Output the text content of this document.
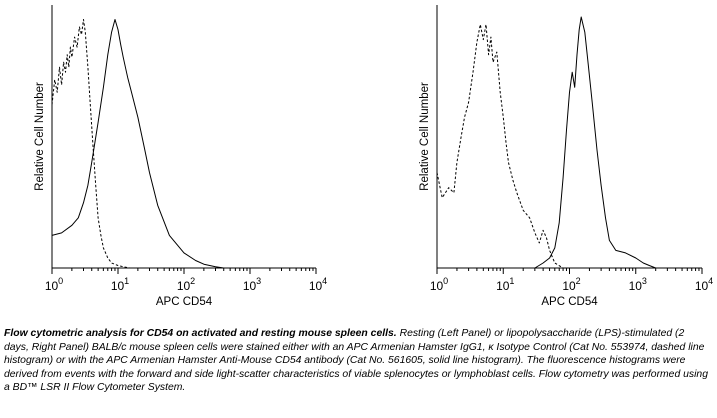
$10^0$	$10^1$	$10^2$	$10^3$	$10^4$
APC CD54
Relative Cell Number
$10^0$	$10^1$	$10^2$	$10^3$	$10^4$
APC CD54
Relative Cell Number
Flow cytometric analysis for CD54 on activated and resting mouse spleen cells. Resting (Left Panel) or lipopolysaccharide (LPS)-stimulated (2 days, Right Panel) BALB/c mouse spleen cells were stained either with an APC Armenian Hamster IgG1, κ Isotype Control (Cat No. 553974, dashed line histogram) or with the APC Armenian Hamster Anti-Mouse CD54 antibody (Cat No. 561605, solid line histogram). The fluorescence histograms were derived from events with the forward and side light-scatter characteristics of viable splenocytes or lymphoblast cells. Flow cytometry was performed using a BD™ LSR II Flow Cytometer System.
